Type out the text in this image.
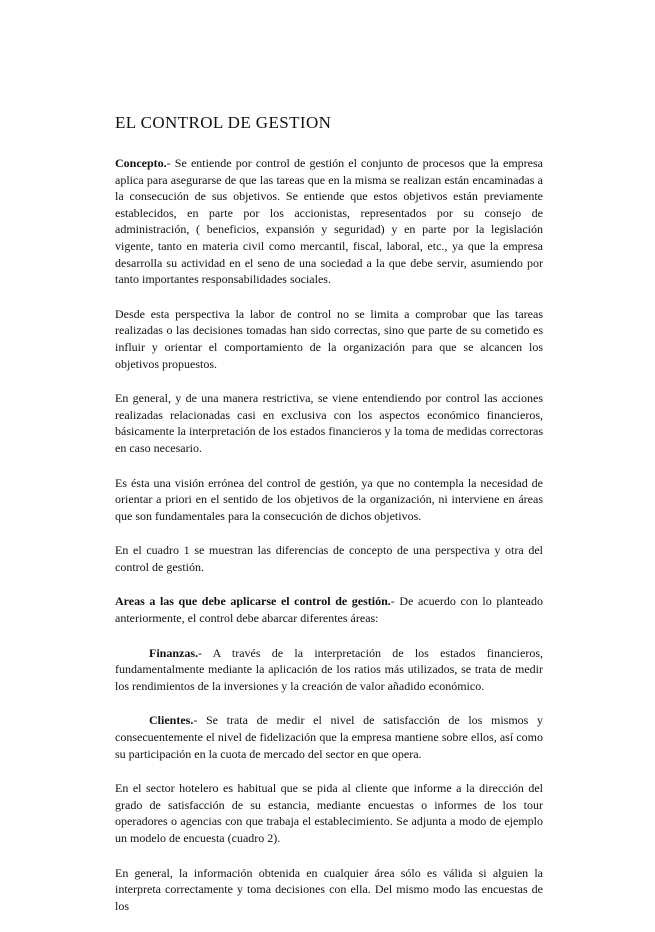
EL CONTROL DE GESTION

Concepto.- Se entiende por control de gestión el conjunto de procesos que la empresa aplica para asegurarse de que las tareas que en la misma se realizan están encaminadas a la consecución de sus objetivos. Se entiende que estos objetivos están previamente establecidos, en parte por los accionistas, representados por su consejo de administración, ( beneficios, expansión y seguridad) y en parte por la legislación vigente, tanto en materia civil como mercantil, fiscal, laboral, etc., ya que la empresa desarrolla su actividad en el seno de una sociedad a la que debe servir, asumiendo por tanto importantes responsabilidades sociales.

Desde esta perspectiva la labor de control no se limita a comprobar que las tareas realizadas o las decisiones tomadas han sido correctas, sino que parte de su cometido es influir y orientar el comportamiento de la organización para que se alcancen los objetivos propuestos.

En general, y de una manera restrictiva, se viene entendiendo por control las acciones realizadas relacionadas casi en exclusiva con los aspectos económico financieros, básicamente la interpretación de los estados financieros y la toma de medidas correctoras en caso necesario.

Es ésta una visión errónea del control de gestión, ya que no contempla la necesidad de orientar a priori en el sentido de los objetivos de la organización, ni interviene en áreas que son fundamentales para la consecución de dichos objetivos.

En el cuadro 1 se muestran las diferencias de concepto de una perspectiva y otra del control de gestión.

Areas a las que debe aplicarse el control de gestión.- De acuerdo con lo planteado anteriormente, el control debe abarcar diferentes áreas:

Finanzas.- A través de la interpretación de los estados financieros, fundamentalmente mediante la aplicación de los ratios más utilizados, se trata de medir los rendimientos de la inversiones y la creación de valor añadido económico.

Clientes.- Se trata de medir el nivel de satisfacción de los mismos y consecuentemente el nivel de fidelización que la empresa mantiene sobre ellos, así como su participación en la cuota de mercado del sector en que opera.

En el sector hotelero es habitual que se pida al cliente que informe a la dirección del grado de satisfacción de su estancia, mediante encuestas o informes de los tour operadores o agencias con que trabaja el establecimiento. Se adjunta a modo de ejemplo un modelo de encuesta (cuadro 2).

En general, la información obtenida en cualquier área sólo es válida si alguien la interpreta correctamente y toma decisiones con ella. Del mismo modo las encuestas de los
